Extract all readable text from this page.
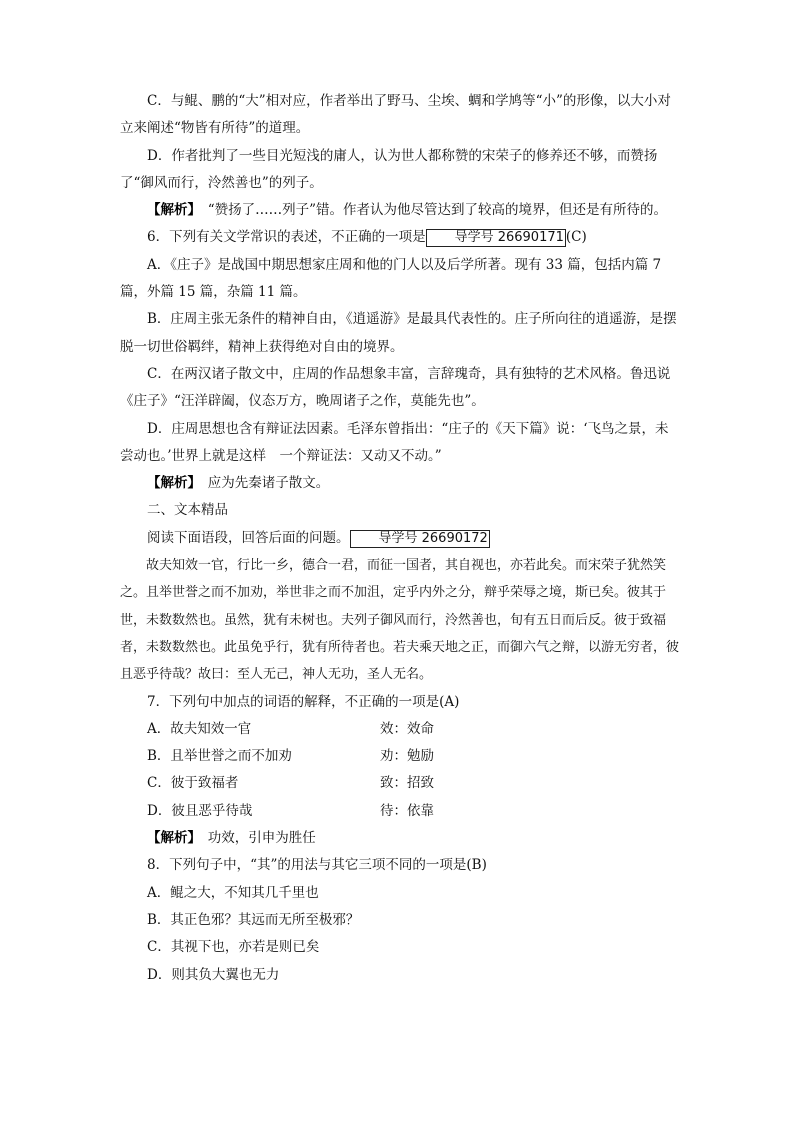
C．与鲲、鹏的“大”相对应，作者举出了野马、尘埃、蜩和学鸠等“小”的形像，以大小对立来阐述“物皆有所待”的道理。

D．作者批判了一些目光短浅的庸人，认为世人都称赞的宋荣子的修养还不够，而赞扬了“御风而行，泠然善也”的列子。

【解析】　 “赞扬了……列子”错。作者认为他尽管达到了较高的境界，但还是有所待的。

6．下列有关文学常识的表述，不正确的一项是 导学号 26690171 (C)

A．《庄子》是战国中期思想家庄周和他的门人以及后学所著。现有 33 篇，包括内篇 7 篇，外篇 15 篇，杂篇 11 篇。

B．庄周主张无条件的精神自由，《逍遥游》是最具代表性的。庄子所向往的逍遥游，是摆脱一切世俗羁绊，精神上获得绝对自由的境界。

C．在两汉诸子散文中，庄周的作品想象丰富，言辞瑰奇，具有独特的艺术风格。鲁迅说《庄子》“汪洋辟阖，仪态万方，晚周诸子之作，莫能先也”。

D．庄周思想也含有辩证法因素。毛泽东曾指出：“庄子的《天下篇》说：‘飞鸟之景，未尝动也。’世界上就是这样　一个辩证法：又动又不动。”

【解析】　 应为先秦诸子散文。

二、文本精品

阅读下面语段，回答后面的问题。 导学号 26690172

故夫知效一官，行比一乡，德合一君，而征一国者，其自视也，亦若此矣。而宋荣子犹然笑之。且举世誉之而不加劝，举世非之而不加沮，定乎内外之分，辩乎荣辱之境，斯已矣。彼其于世，未数数然也。虽然，犹有未树也。夫列子御风而行，泠然善也，旬有五日而后反。彼于致福者，未数数然也。此虽免乎行，犹有所待者也。若夫乘天地之正，而御六气之辩，以游无穷者，彼且恶乎待哉？故曰：至人无己，神人无功，圣人无名。

7．下列句中加点的词语的解释，不正确的一项是(A)

A．故夫知效一官	效：效命
B．且举世誉之而不加劝	劝：勉励
C．彼于致福者	致：招致
D．彼且恶乎待哉	待：依靠

【解析】　 功效，引申为胜任

8．下列句子中，“其”的用法与其它三项不同的一项是(B)

A．鲲之大，不知其几千里也

B．其正色邪？其远而无所至极邪？

C．其视下也，亦若是则已矣

D．则其负大翼也无力
